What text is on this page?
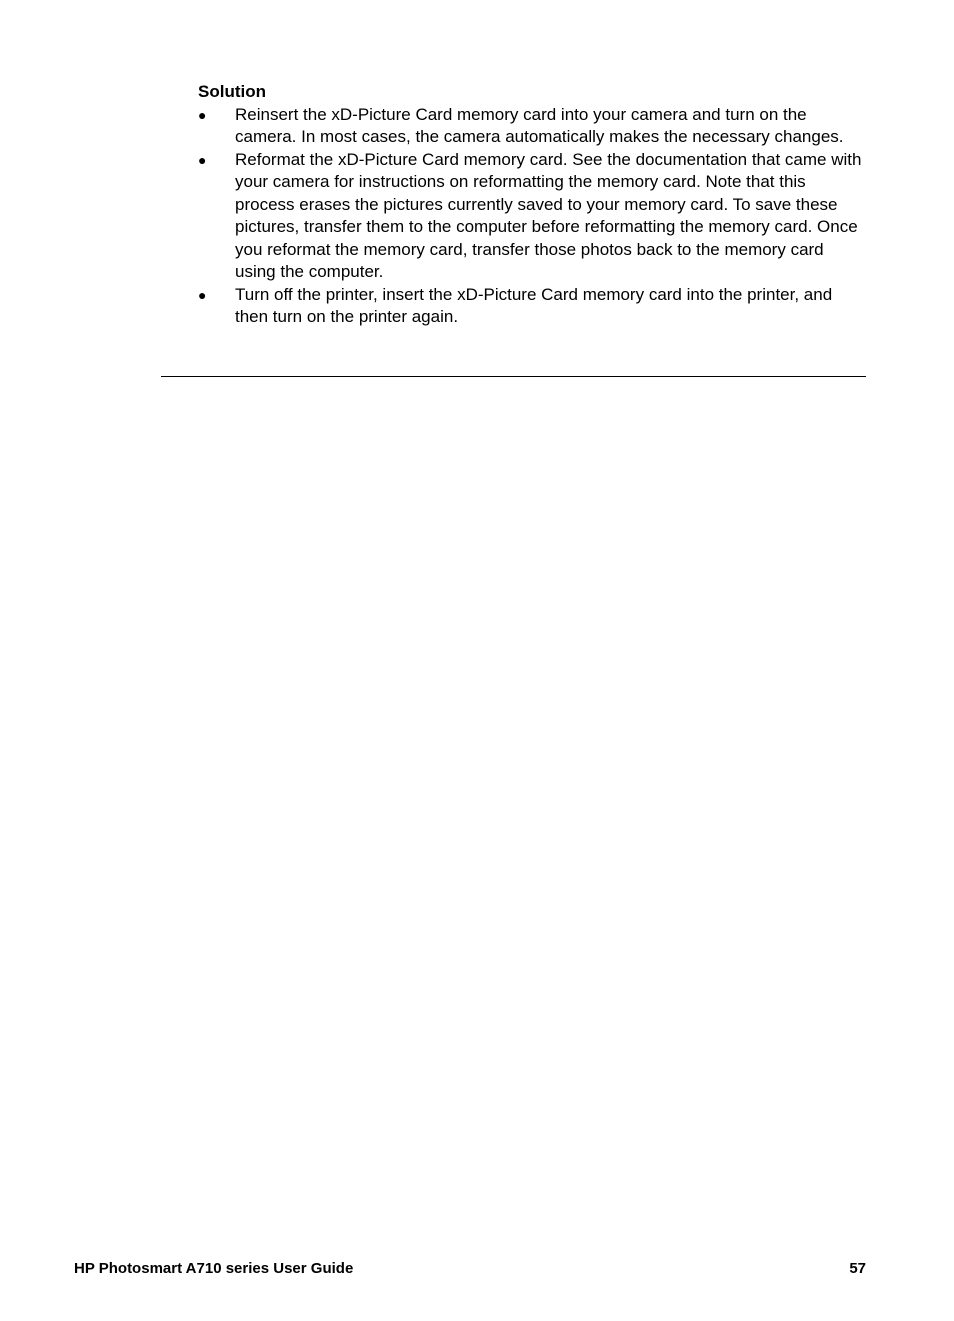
Solution

● Reinsert the xD-Picture Card memory card into your camera and turn on the camera. In most cases, the camera automatically makes the necessary changes.
● Reformat the xD-Picture Card memory card. See the documentation that came with your camera for instructions on reformatting the memory card. Note that this process erases the pictures currently saved to your memory card. To save these pictures, transfer them to the computer before reformatting the memory card. Once you reformat the memory card, transfer those photos back to the memory card using the computer.
● Turn off the printer, insert the xD-Picture Card memory card into the printer, and then turn on the printer again.
HP Photosmart A710 series User Guide	57
